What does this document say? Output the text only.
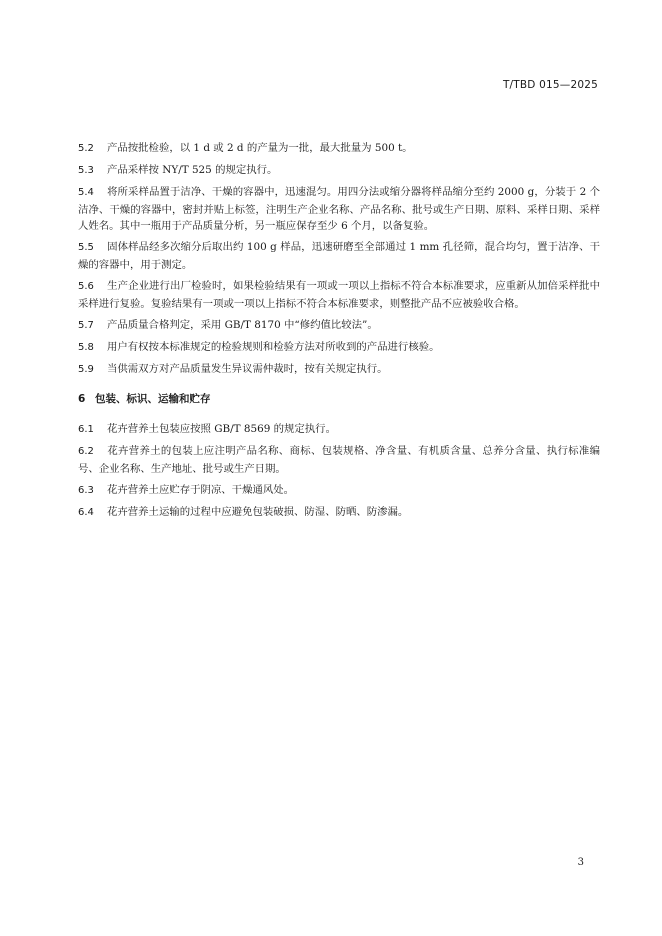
T/TBD 015—2025

5.2 产品按批检验，以 1 d 或 2 d 的产量为一批，最大批量为 500 t。

5.3 产品采样按 NY/T 525 的规定执行。

5.4 将所采样品置于洁净、干燥的容器中，迅速混匀。用四分法或缩分器将样品缩分至约 2000 g，分装于 2 个洁净、干燥的容器中，密封并贴上标签，注明生产企业名称、产品名称、批号或生产日期、原料、采样日期、采样人姓名。其中一瓶用于产品质量分析，另一瓶应保存至少 6 个月，以备复验。

5.5 固体样品经多次缩分后取出约 100 g 样品，迅速研磨至全部通过 1 mm 孔径筛，混合均匀，置于洁净、干燥的容器中，用于测定。

5.6 生产企业进行出厂检验时，如果检验结果有一项或一项以上指标不符合本标准要求，应重新从加倍采样批中采样进行复验。复验结果有一项或一项以上指标不符合本标准要求，则整批产品不应被验收合格。

5.7 产品质量合格判定，采用 GB/T 8170 中“修约值比较法”。

5.8 用户有权按本标准规定的检验规则和检验方法对所收到的产品进行核验。

5.9 当供需双方对产品质量发生异议需仲裁时，按有关规定执行。

6 包装、标识、运输和贮存

6.1 花卉营养土包装应按照 GB/T 8569 的规定执行。

6.2 花卉营养土的包装上应注明产品名称、商标、包装规格、净含量、有机质含量、总养分含量、执行标准编号、企业名称、生产地址、批号或生产日期。

6.3 花卉营养土应贮存于阴凉、干燥通风处。

6.4 花卉营养土运输的过程中应避免包装破损、防湿、防晒、防渗漏。

3
